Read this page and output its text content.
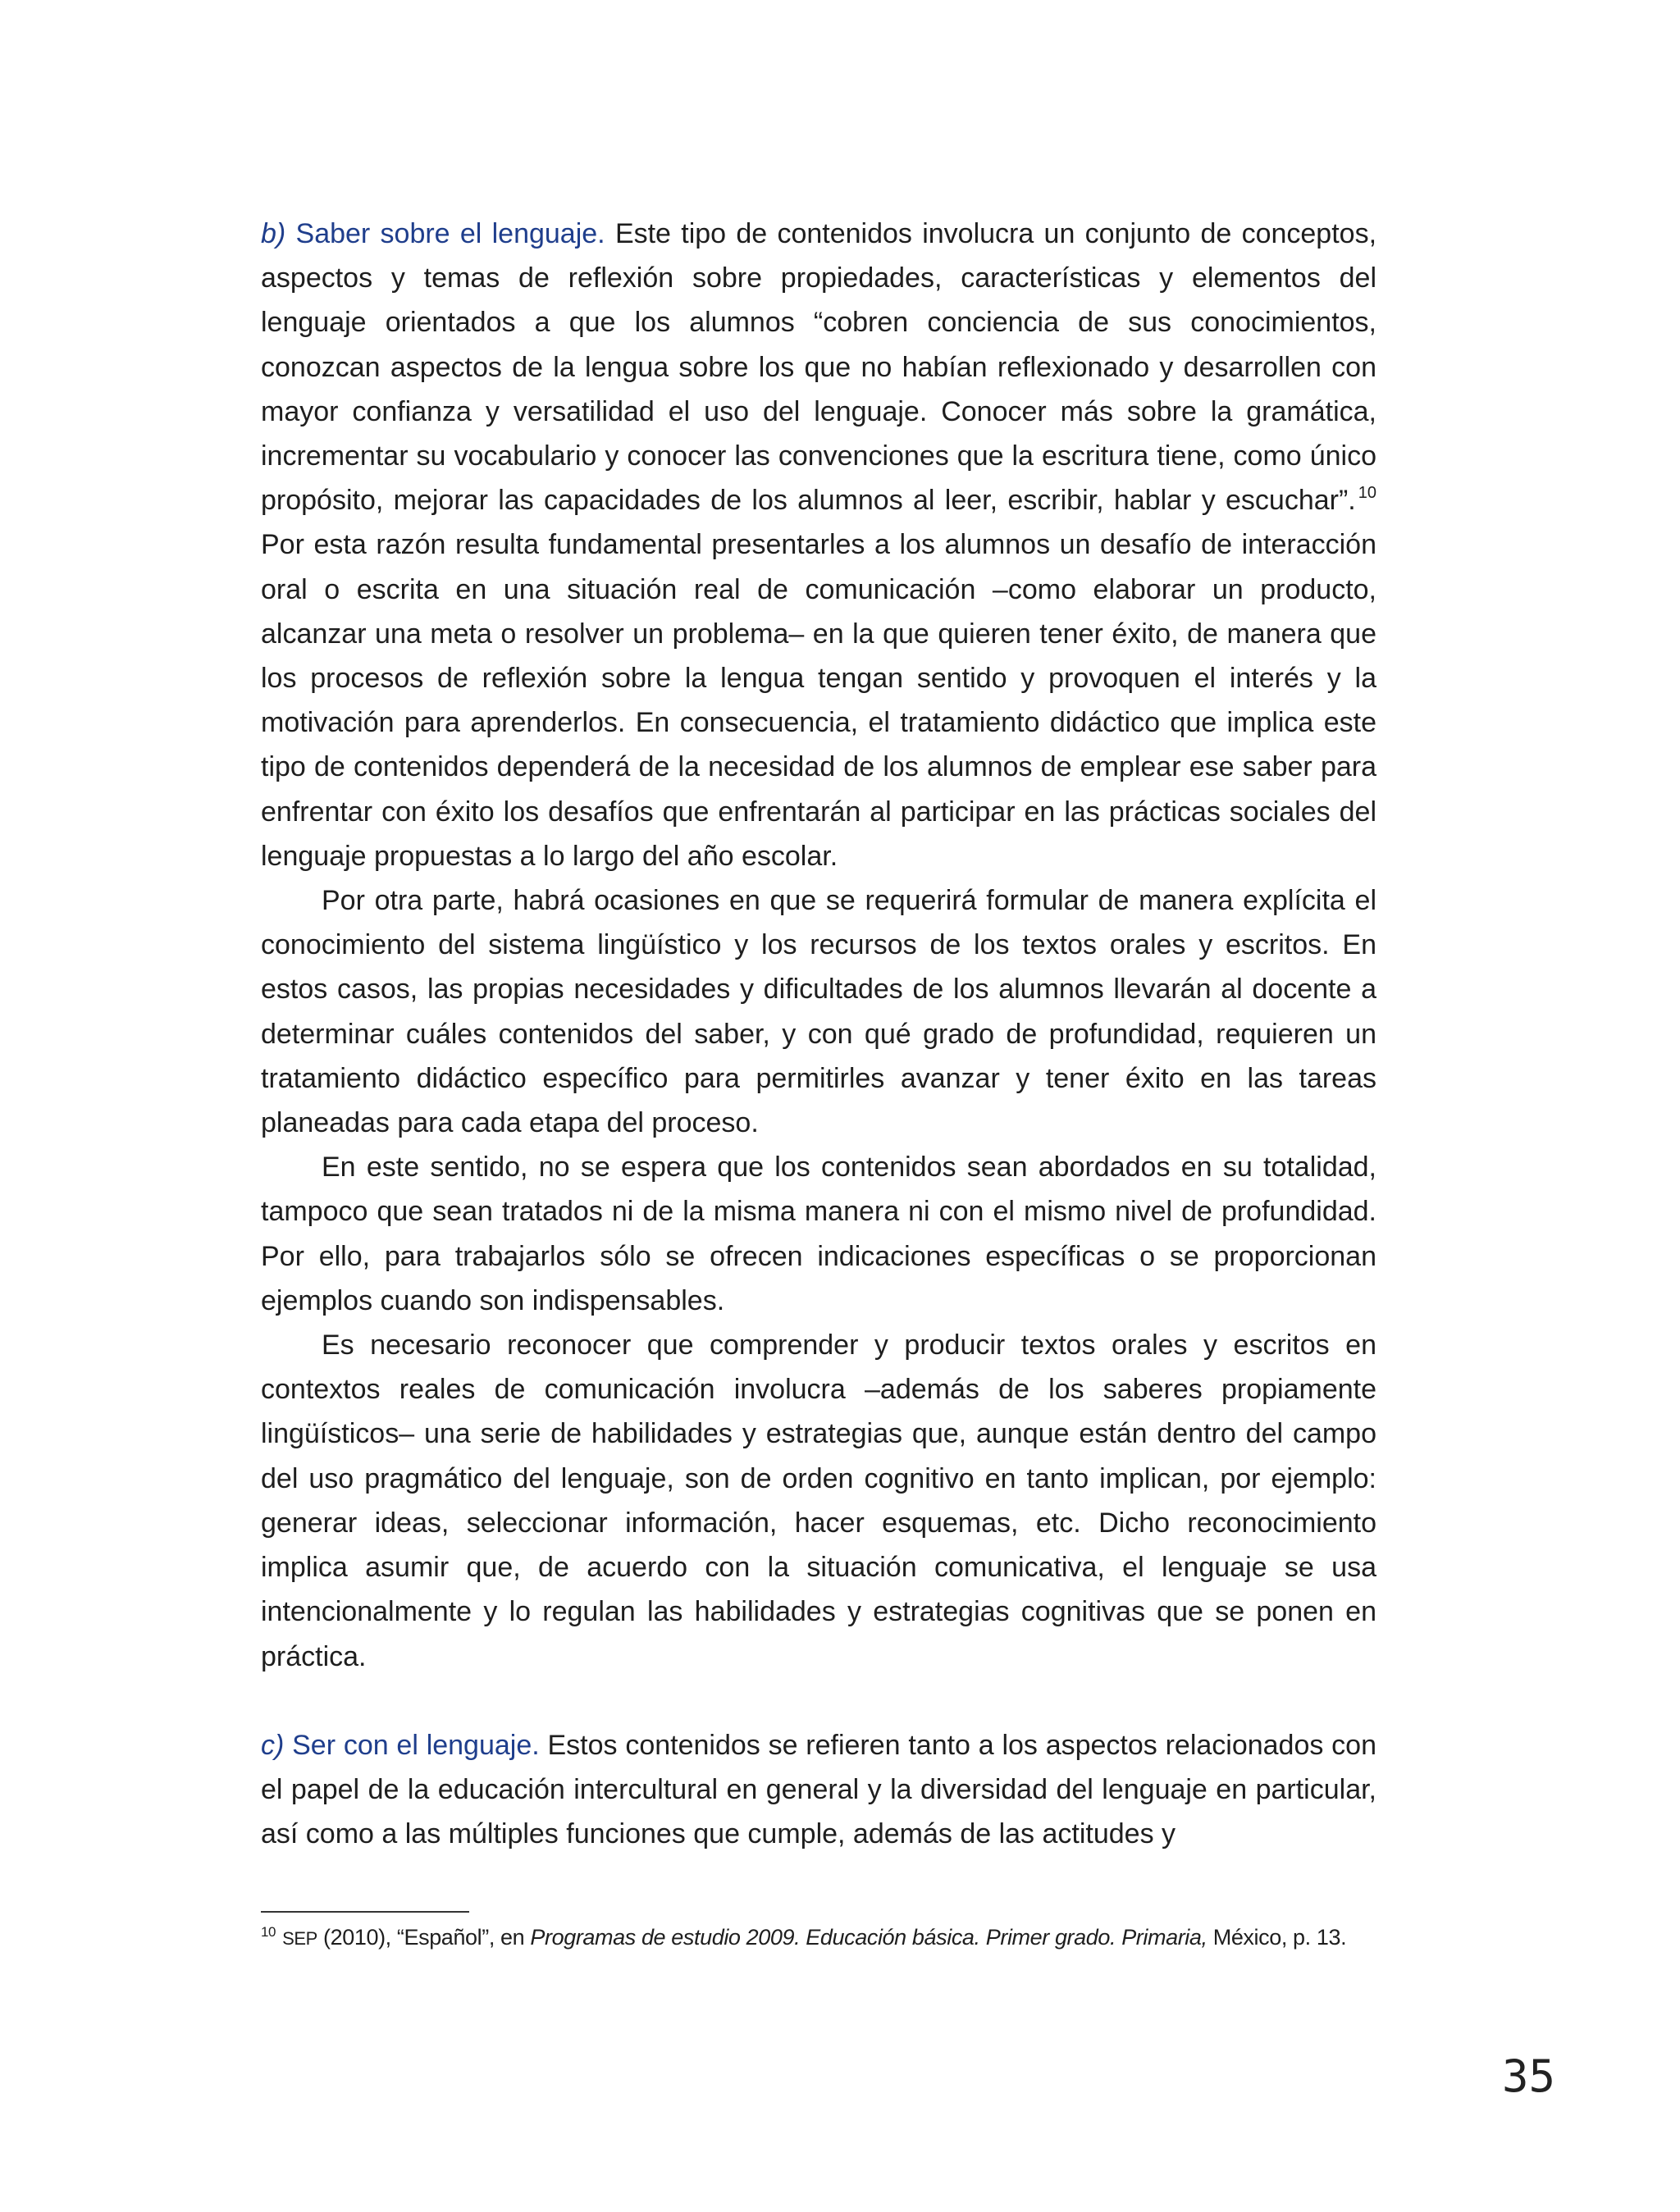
b) Saber sobre el lenguaje. Este tipo de contenidos involucra un conjunto de conceptos, aspectos y temas de reflexión sobre propiedades, características y elementos del lenguaje orientados a que los alumnos “cobren conciencia de sus conocimientos, conozcan aspectos de la lengua sobre los que no habían reflexionado y desarrollen con mayor confianza y versatilidad el uso del lenguaje. Conocer más sobre la gramática, incrementar su vocabulario y conocer las convenciones que la escritura tiene, como único propósito, mejorar las capacidades de los alumnos al leer, escribir, hablar y escuchar”. $^{10}$ Por esta razón resulta fundamental presentarles a los alumnos un desafío de interacción oral o escrita en una situación real de comunicación –como elaborar un producto, alcanzar una meta o resolver un problema– en la que quieren tener éxito, de manera que los procesos de reflexión sobre la lengua tengan sentido y provoquen el interés y la motivación para aprenderlos. En consecuencia, el tratamiento didáctico que implica este tipo de contenidos dependerá de la necesidad de los alumnos de emplear ese saber para enfrentar con éxito los desafíos que enfrentarán al participar en las prácticas sociales del lenguaje propuestas a lo largo del año escolar.

Por otra parte, habrá ocasiones en que se requerirá formular de manera explícita el conocimiento del sistema lingüístico y los recursos de los textos orales y escritos. En estos casos, las propias necesidades y dificultades de los alumnos llevarán al docente a determinar cuáles contenidos del saber, y con qué grado de profundidad, requieren un tratamiento didáctico específico para permitirles avanzar y tener éxito en las tareas planeadas para cada etapa del proceso.

En este sentido, no se espera que los contenidos sean abordados en su totalidad, tampoco que sean tratados ni de la misma manera ni con el mismo nivel de profundidad. Por ello, para trabajarlos sólo se ofrecen indicaciones específicas o se proporcionan ejemplos cuando son indispensables.

Es necesario reconocer que comprender y producir textos orales y escritos en contextos reales de comunicación involucra –además de los saberes propiamente lingüísticos– una serie de habilidades y estrategias que, aunque están dentro del campo del uso pragmático del lenguaje, son de orden cognitivo en tanto implican, por ejemplo: generar ideas, seleccionar información, hacer esquemas, etc. Dicho reconocimiento implica asumir que, de acuerdo con la situación comunicativa, el lenguaje se usa intencionalmente y lo regulan las habilidades y estrategias cognitivas que se ponen en práctica.

c) Ser con el lenguaje. Estos contenidos se refieren tanto a los aspectos relacionados con el papel de la educación intercultural en general y la diversidad del lenguaje en particular, así como a las múltiples funciones que cumple, además de las actitudes y

$^{10}$ SEP (2010), “Español”, en Programas de estudio 2009. Educación básica. Primer grado. Primaria, México, p. 13.
35
